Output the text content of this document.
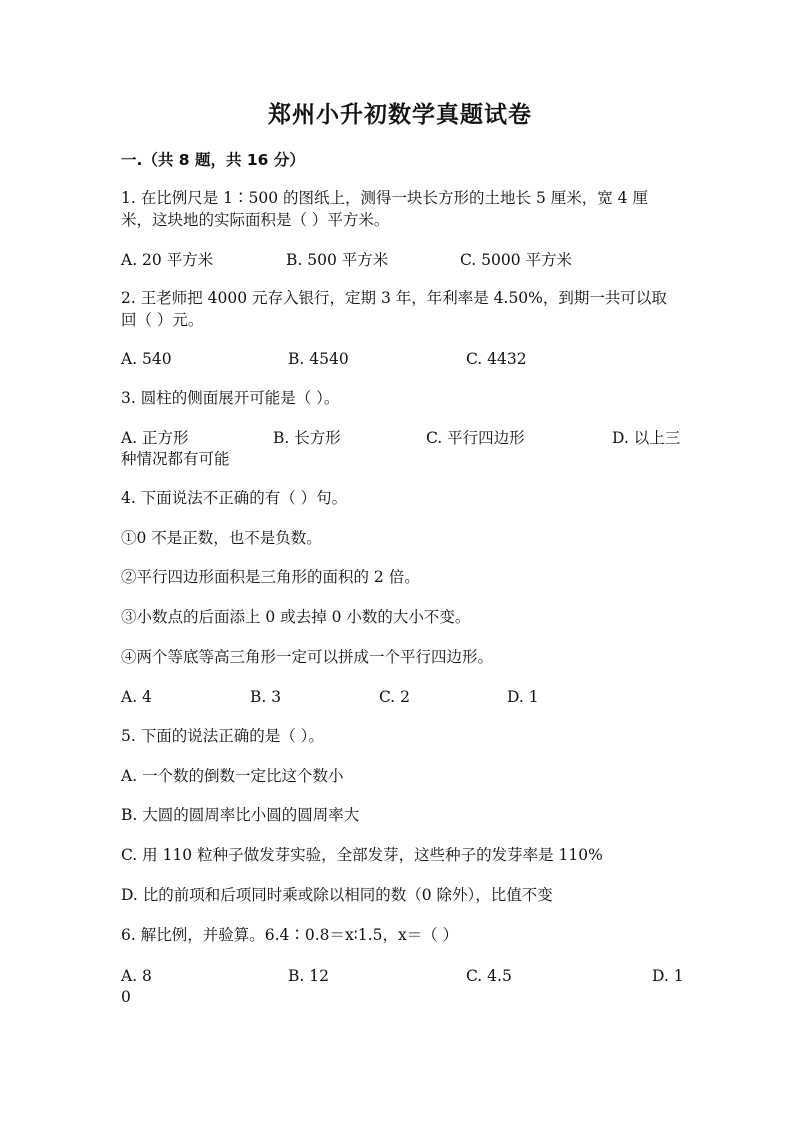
郑州小升初数学真题试卷
一.（共 8 题，共 16 分）
1. 在比例尺是 1∶500 的图纸上，测得一块长方形的土地长 5 厘米，宽 4 厘
米，这块地的实际面积是（ ）平方米。
A. 20 平方米	B. 500 平方米	C. 5000 平方米
2. 王老师把 4000 元存入银行，定期 3 年，年利率是 4.50%，到期一共可以取
回（ ）元。
A. 540	B. 4540	C. 4432
3. 圆柱的侧面展开可能是（ ）。
A. 正方形	B. 长方形	C. 平行四边形	D. 以上三
种情况都有可能
4. 下面说法不正确的有（ ）句。
①0 不是正数，也不是负数。
②平行四边形面积是三角形的面积的 2 倍。
③小数点的后面添上 0 或去掉 0 小数的大小不变。
④两个等底等高三角形一定可以拼成一个平行四边形。
A. 4	B. 3	C. 2	D. 1
5. 下面的说法正确的是（ ）。
A. 一个数的倒数一定比这个数小
B. 大圆的圆周率比小圆的圆周率大
C. 用 110 粒种子做发芽实验，全部发芽，这些种子的发芽率是 110%
D. 比的前项和后项同时乘或除以相同的数（0 除外），比值不变
6. 解比例，并验算。6.4∶0.8＝x∶1.5，x＝（ ）
A. 8	B. 12	C. 4.5	D. 1
0
